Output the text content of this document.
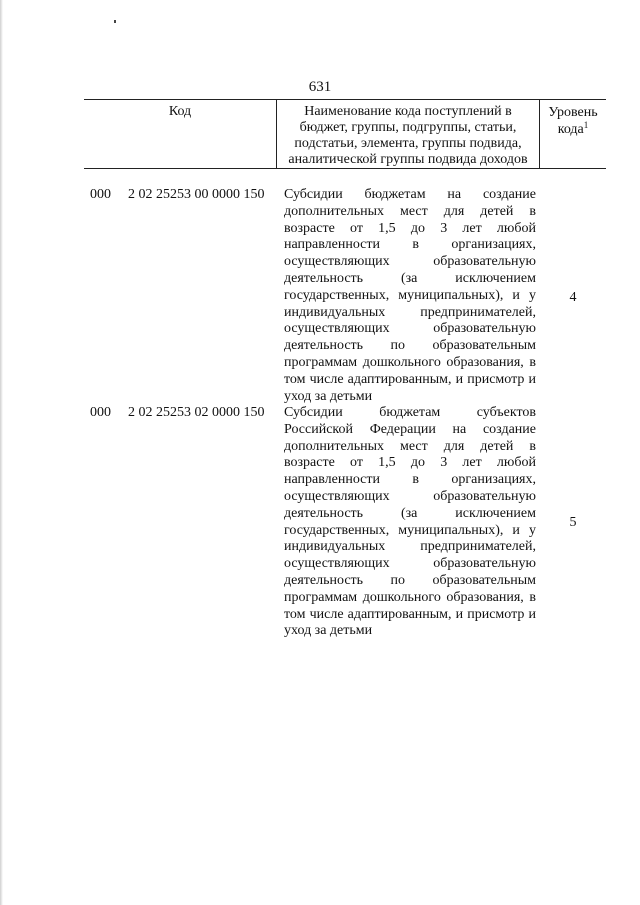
631
Код	Наименование кода поступлений в бюджет, группы, подгруппы, статьи, подстатьи, элемента, группы подвида, аналитической группы подвида доходов
Уровень кода$^1$
000 2 02 25253 00 0000 150 Субсидии бюджетам на создание дополнительных мест для детей в возрасте от 1,5 до 3 лет любой направленности в организациях, осуществляющих образовательную деятельность (за исключением государственных, муниципальных), и у индивидуальных предпринимателей, осуществляющих образовательную деятельность по образовательным программам дошкольного образования, в том числе адаптированным, и присмотр и уход за детьми
4
000 2 02 25253 02 0000 150 Субсидии бюджетам субъектов Российской Федерации на создание дополнительных мест для детей в возрасте от 1,5 до 3 лет любой направленности в организациях, осуществляющих образовательную деятельность (за исключением государственных, муниципальных), и у индивидуальных предпринимателей, осуществляющих образовательную деятельность по образовательным программам дошкольного образования, в том числе адаптированным, и присмотр и уход за детьми
5
